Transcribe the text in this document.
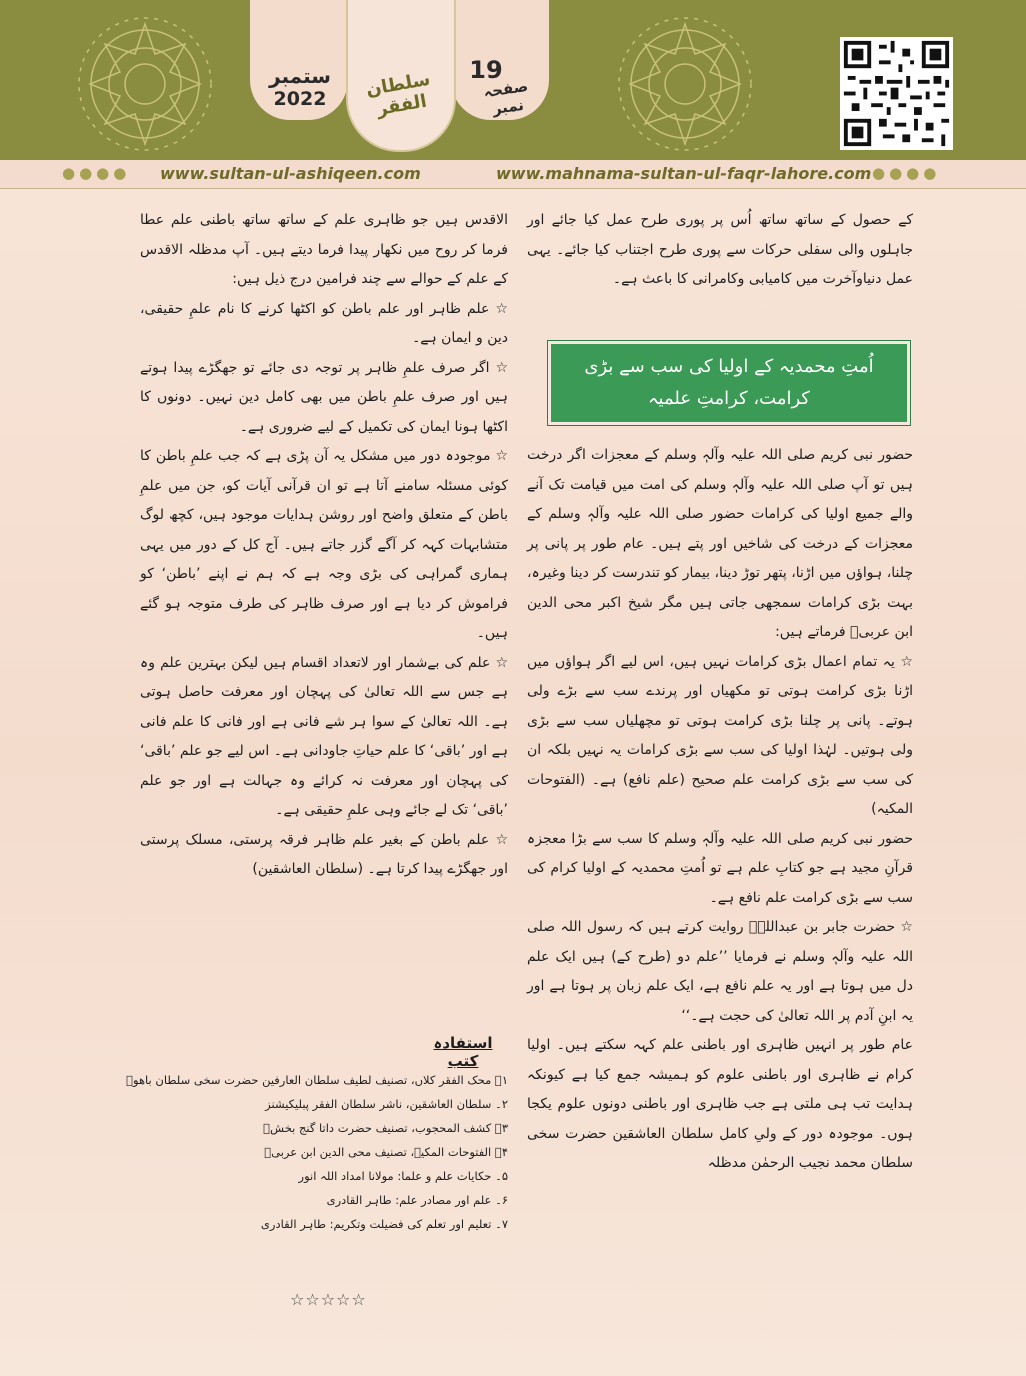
ستمبر
2022
19
صفحہ نمبر
سلطان الفقر
●●●● www.sultan-ul-ashiqeen.com	www.mahnama-sultan-ul-faqr-lahore.com ●●●●

کے حصول کے ساتھ ساتھ اُس پر پوری طرح عمل کیا جائے اور جاہلوں والی سفلی حرکات سے پوری طرح اجتناب کیا جائے۔ یہی عمل دنیاوآخرت میں کامیابی وکامرانی کا باعث ہے۔

اُمتِ محمدیہ کے اولیا کی سب سے بڑی
کرامت، کرامتِ علمیہ

حضور نبی کریم صلی اللہ علیہ وآلہٖ وسلم کے معجزات اگر درخت ہیں تو آپ صلی اللہ علیہ وآلہٖ وسلم کی امت میں قیامت تک آنے والے جمیع اولیا کی کرامات حضور صلی اللہ علیہ وآلہٖ وسلم کے معجزات کے درخت کی شاخیں اور پتے ہیں۔ عام طور پر پانی پر چلنا، ہواؤں میں اڑنا، پتھر توڑ دینا، بیمار کو تندرست کر دینا وغیرہ، بہت بڑی کرامات سمجھی جاتی ہیں مگر شیخ اکبر محی الدین ابن عربیؒ فرماتے ہیں:

☆ یہ تمام اعمال بڑی کرامات نہیں ہیں، اس لیے اگر ہواؤں میں اڑنا بڑی کرامت ہوتی تو مکھیاں اور پرندے سب سے بڑے ولی ہوتے۔ پانی پر چلنا بڑی کرامت ہوتی تو مچھلیاں سب سے بڑی ولی ہوتیں۔ لہٰذا اولیا کی سب سے بڑی کرامات یہ نہیں بلکہ ان کی سب سے بڑی کرامت علم صحیح (علم نافع) ہے۔ (الفتوحات المکیہ)

حضور نبی کریم صلی اللہ علیہ وآلہٖ وسلم کا سب سے بڑا معجزہ قرآنِ مجید ہے جو کتابِ علم ہے تو اُمتِ محمدیہ کے اولیا کرام کی سب سے بڑی کرامت علم نافع ہے۔

☆ حضرت جابر بن عبداللہؓ روایت کرتے ہیں کہ رسول اللہ صلی اللہ علیہ وآلہٖ وسلم نے فرمایا ’’علم دو (طرح کے) ہیں ایک علم دل میں ہوتا ہے اور یہ علم نافع ہے، ایک علم زبان پر ہوتا ہے اور یہ ابنِ آدم پر اللہ تعالیٰ کی حجت ہے۔‘‘

عام طور پر انہیں ظاہری اور باطنی علم کہہ سکتے ہیں۔ اولیا کرام نے ظاہری اور باطنی علوم کو ہمیشہ جمع کیا ہے کیونکہ ہدایت تب ہی ملتی ہے جب ظاہری اور باطنی دونوں علوم یکجا ہوں۔ موجودہ دور کے ولیِ کامل سلطان العاشقین حضرت سخی سلطان محمد نجیب الرحمٰن مدظلہ

الاقدس ہیں جو ظاہری علم کے ساتھ ساتھ باطنی علم عطا فرما کر روح میں نکھار پیدا فرما دیتے ہیں۔ آپ مدظلہ الاقدس کے علم کے حوالے سے چند فرامین درج ذیل ہیں:

☆ علم ظاہر اور علم باطن کو اکٹھا کرنے کا نام علمِ حقیقی، دین و ایمان ہے۔

☆ اگر صرف علمِ ظاہر پر توجہ دی جائے تو جھگڑے پیدا ہوتے ہیں اور صرف علمِ باطن میں بھی کامل دین نہیں۔ دونوں کا اکٹھا ہونا ایمان کی تکمیل کے لیے ضروری ہے۔

☆ موجودہ دور میں مشکل یہ آن پڑی ہے کہ جب علمِ باطن کا کوئی مسئلہ سامنے آتا ہے تو ان قرآنی آیات کو، جن میں علمِ باطن کے متعلق واضح اور روشن ہدایات موجود ہیں، کچھ لوگ متشابہات کہہ کر آگے گزر جاتے ہیں۔ آج کل کے دور میں یہی ہماری گمراہی کی بڑی وجہ ہے کہ ہم نے اپنے ’باطن‘ کو فراموش کر دیا ہے اور صرف ظاہر کی طرف متوجہ ہو گئے ہیں۔

☆ علم کی بےشمار اور لاتعداد اقسام ہیں لیکن بہترین علم وہ ہے جس سے اللہ تعالیٰ کی پہچان اور معرفت حاصل ہوتی ہے۔ اللہ تعالیٰ کے سوا ہر شے فانی ہے اور فانی کا علم فانی ہے اور ’باقی‘ کا علم حیاتِ جاودانی ہے۔ اس لیے جو علم ’باقی‘ کی پہچان اور معرفت نہ کرائے وہ جہالت ہے اور جو علم ’باقی‘ تک لے جائے وہی علمِ حقیقی ہے۔

☆ علم باطن کے بغیر علم ظاہر فرقہ پرستی، مسلک پرستی اور جھگڑے پیدا کرتا ہے۔ (سلطان العاشقین)

استفادہ کتب
۱۔ محک الفقر کلاں، تصنیف لطیف سلطان العارفین حضرت سخی سلطان باھوؒ
۲۔ سلطان العاشقین، ناشر سلطان الفقر پبلیکیشنز
۳۔ کشف المحجوب، تصنیف حضرت داتا گنج بخشؒ
۴۔ الفتوحات المکیہ، تصنیف محی الدین ابن عربیؒ
۵۔ حکایات علم و علما: مولانا امداد اللہ انور
۶۔ علم اور مصادر علم: طاہر القادری
۷۔ تعلیم اور تعلم کی فضیلت وتکریم: طاہر القادری
☆☆☆☆☆
